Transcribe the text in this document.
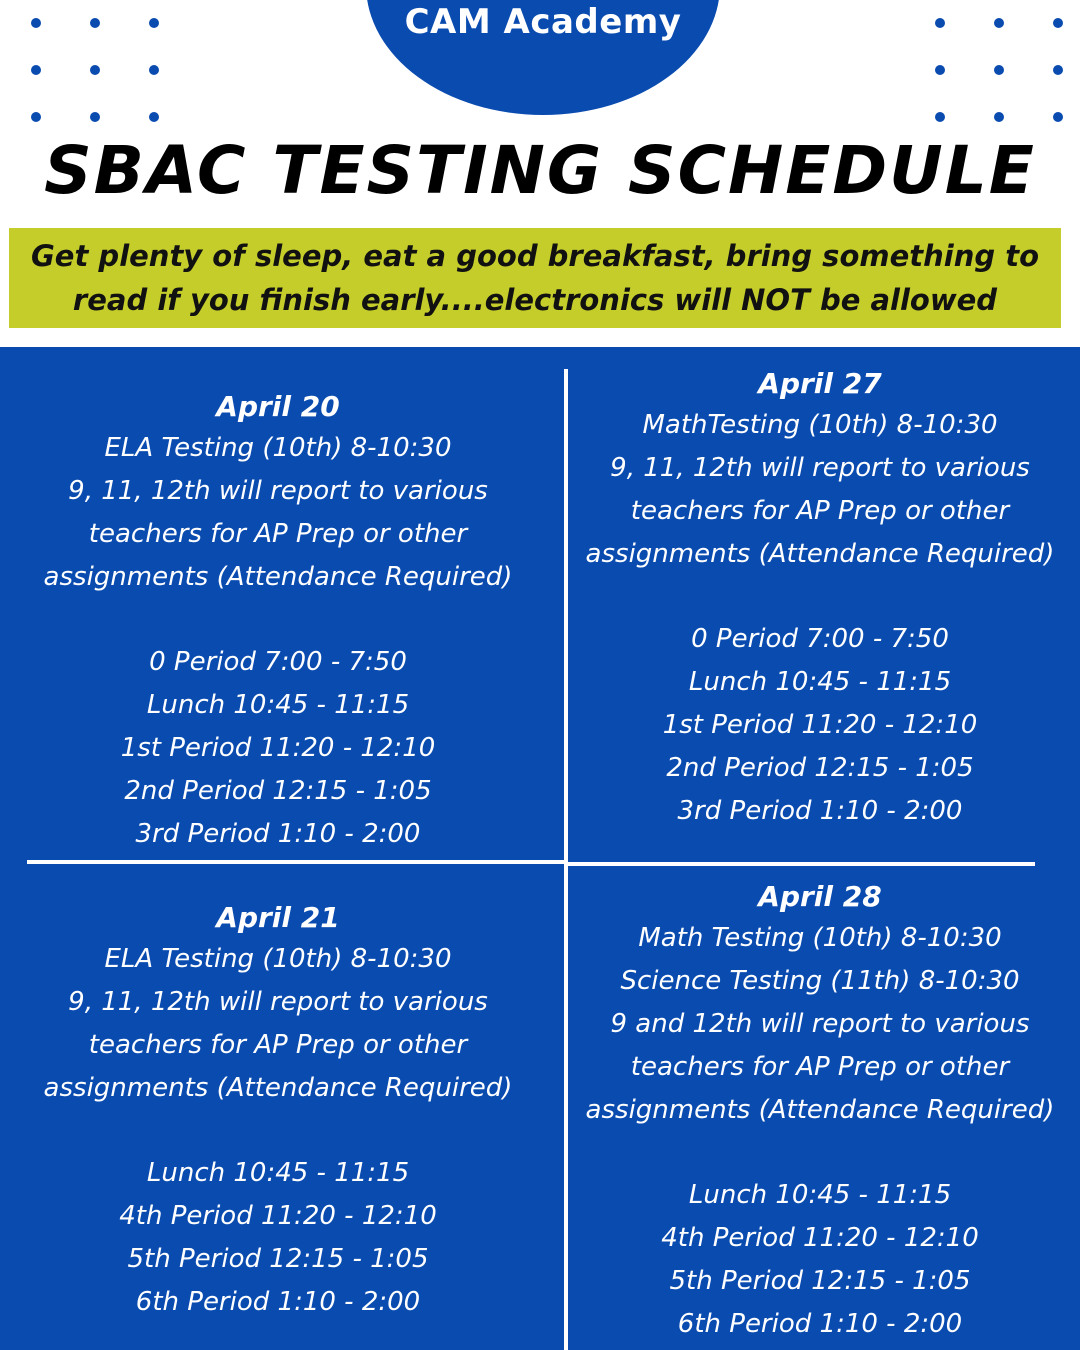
CAM Academy
SBAC TESTING SCHEDULE
Get plenty of sleep, eat a good breakfast, bring something to read if you finish early....electronics will NOT be allowed
April 20
ELA Testing (10th) 8-10:30
9, 11, 12th will report to various
teachers for AP Prep or other
assignments (Attendance Required)
0 Period 7:00 - 7:50
Lunch 10:45 - 11:15
1st Period 11:20 - 12:10
2nd Period 12:15 - 1:05
3rd Period 1:10 - 2:00
April 27
MathTesting (10th) 8-10:30
9, 11, 12th will report to various
teachers for AP Prep or other
assignments (Attendance Required)
0 Period 7:00 - 7:50
Lunch 10:45 - 11:15
1st Period 11:20 - 12:10
2nd Period 12:15 - 1:05
3rd Period 1:10 - 2:00
April 21
ELA Testing (10th) 8-10:30
9, 11, 12th will report to various
teachers for AP Prep or other
assignments (Attendance Required)
Lunch 10:45 - 11:15
4th Period 11:20 - 12:10
5th Period 12:15 - 1:05
6th Period 1:10 - 2:00
April 28
Math Testing (10th) 8-10:30
Science Testing (11th) 8-10:30
9 and 12th will report to various
teachers for AP Prep or other
assignments (Attendance Required)
Lunch 10:45 - 11:15
4th Period 11:20 - 12:10
5th Period 12:15 - 1:05
6th Period 1:10 - 2:00
